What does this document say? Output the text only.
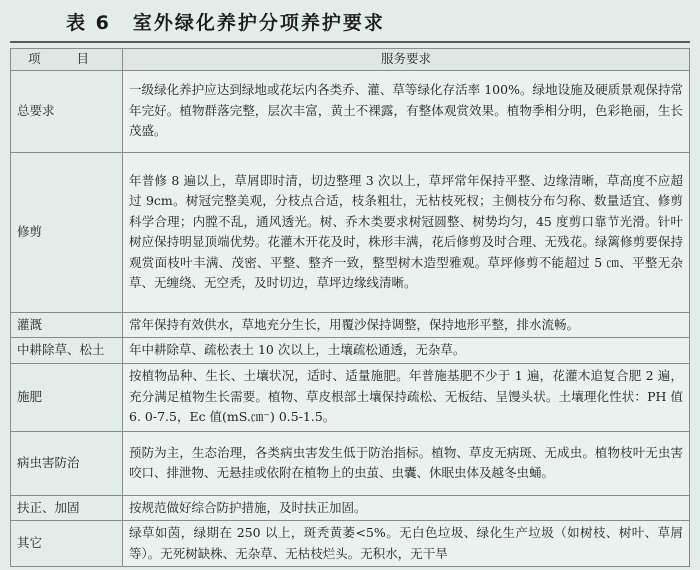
表 6 室外绿化养护分项养护要求
项 目	服务要求
总要求	一级绿化养护应达到绿地或花坛内各类乔、灌、草等绿化存活率 100%。绿地设施及硬质景观保持常年完好。植物群落完整，层次丰富，黄土不裸露，有整体观赏效果。植物季相分明，色彩艳丽，生长茂盛。
修剪	年普修 8 遍以上，草屑即时清，切边整理 3 次以上，草坪常年保持平整、边缘清晰，草高度不应超过 9cm。树冠完整美观，分枝点合适，枝条粗壮，无枯枝死杈；主侧枝分布匀称、数量适宜、修剪科学合理；内膛不乱，通风透光。树、乔木类要求树冠圆整、树势均匀，45 度剪口靠节光滑。针叶树应保持明显顶端优势。花灌木开花及时，株形丰满，花后修剪及时合理、无残花。绿篱修剪要保持观赏面枝叶丰满、茂密、平整、整齐一致，整型树木造型雅观。草坪修剪不能超过 5 ㎝、平整无杂草、无缠绕、无空秃，及时切边，草坪边缘线清晰。
灌溉	常年保持有效供水，草地充分生长，用覆沙保持调整，保持地形平整，排水流畅。
中耕除草、松土	年中耕除草、疏松表土 10 次以上，土壤疏松通透，无杂草。
施肥	按植物品种、生长、土壤状况，适时、适量施肥。年普施基肥不少于 1 遍，花灌木追复合肥 2 遍，充分满足植物生长需要。植物、草皮根部土壤保持疏松、无板结、呈馒头状。土壤理化性状：PH 值 6. 0-7.5，Ec 值(mS.㎝⁻) 0.5-1.5。
病虫害防治	预防为主，生态治理，各类病虫害发生低于防治指标。植物、草皮无病斑、无成虫。植物枝叶无虫害咬口、排泄物、无悬挂或依附在植物上的虫茧、虫囊、休眠虫体及越冬虫蛹。
扶正、加固	按规范做好综合防护措施，及时扶正加固。
其它	绿草如茵，绿期在 250 以上，斑秃黄萎<5%。无白色垃圾、绿化生产垃圾（如树枝、树叶、草屑等）。无死树缺株、无杂草、无枯枝烂头。无积水，无干旱
